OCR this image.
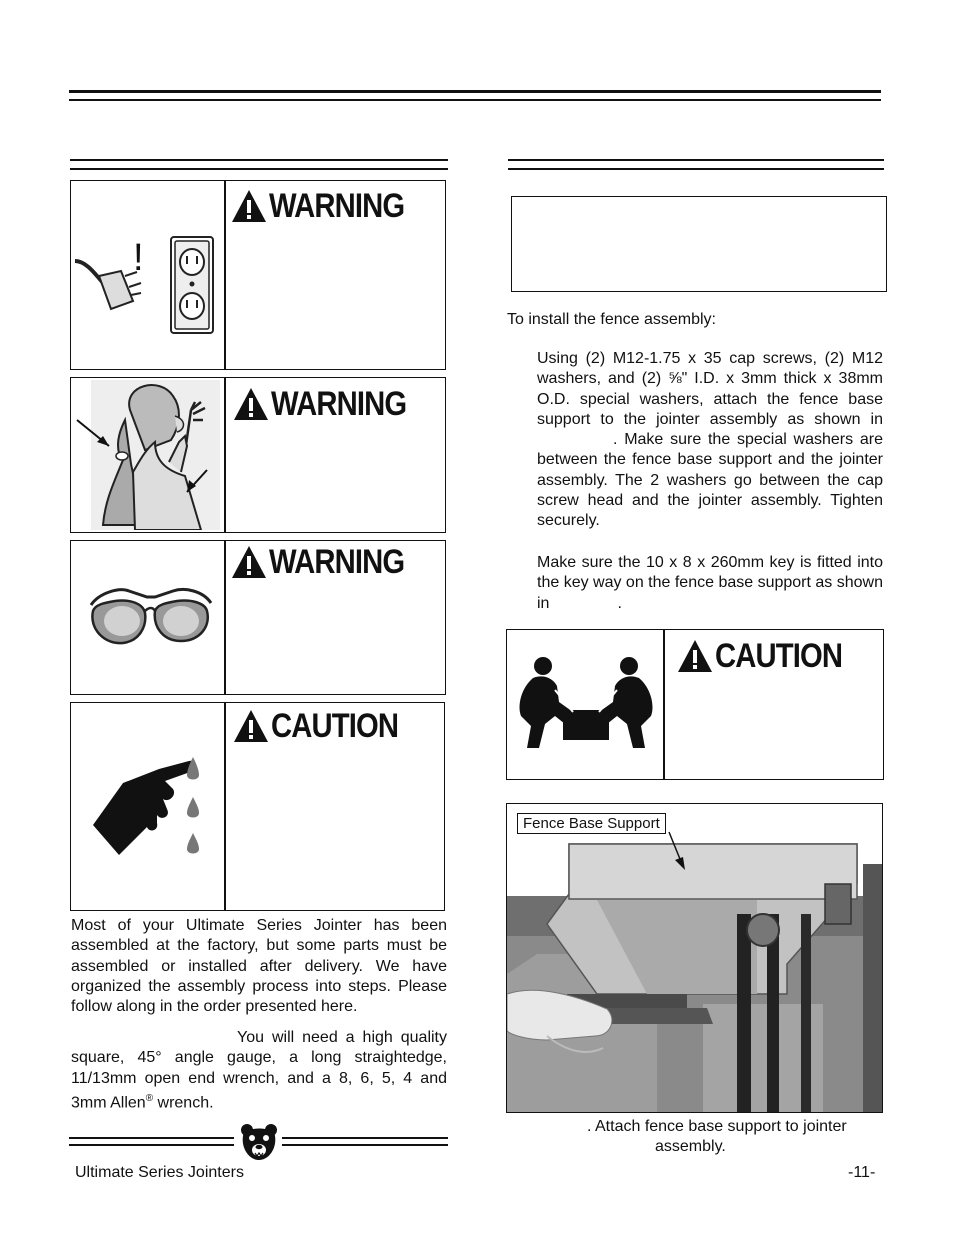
!
WARNING
WARNING
WARNING
CAUTION

Most of your Ultimate Series Jointer has been assembled at the factory, but some parts must be assembled or installed after delivery. We have organized the assembly process into steps. Please follow along in the order presented here.

You will need a high quality square, 45° angle gauge, a long straightedge, 11/13mm open end wrench, and a 8, 6, 5, 4 and 3mm Allen® wrench.

Ultimate Series Jointers	-11-

To install the fence assembly:

Using (2) M12-1.75 x 35 cap screws, (2) M12 washers, and (2) ⅝" I.D. x 3mm thick x 38mm O.D. special washers, attach the fence base support to the jointer assembly as shown in. Make sure the special washers are between the fence base support and the jointer assembly. The 2 washers go between the cap screw head and the jointer assembly. Tighten securely.

Make sure the 10 x 8 x 260mm key is fitted into the key way on the fence base support as shown in	.

CAUTION
Fence Base Support
. Attach fence base support to jointer
assembly.
